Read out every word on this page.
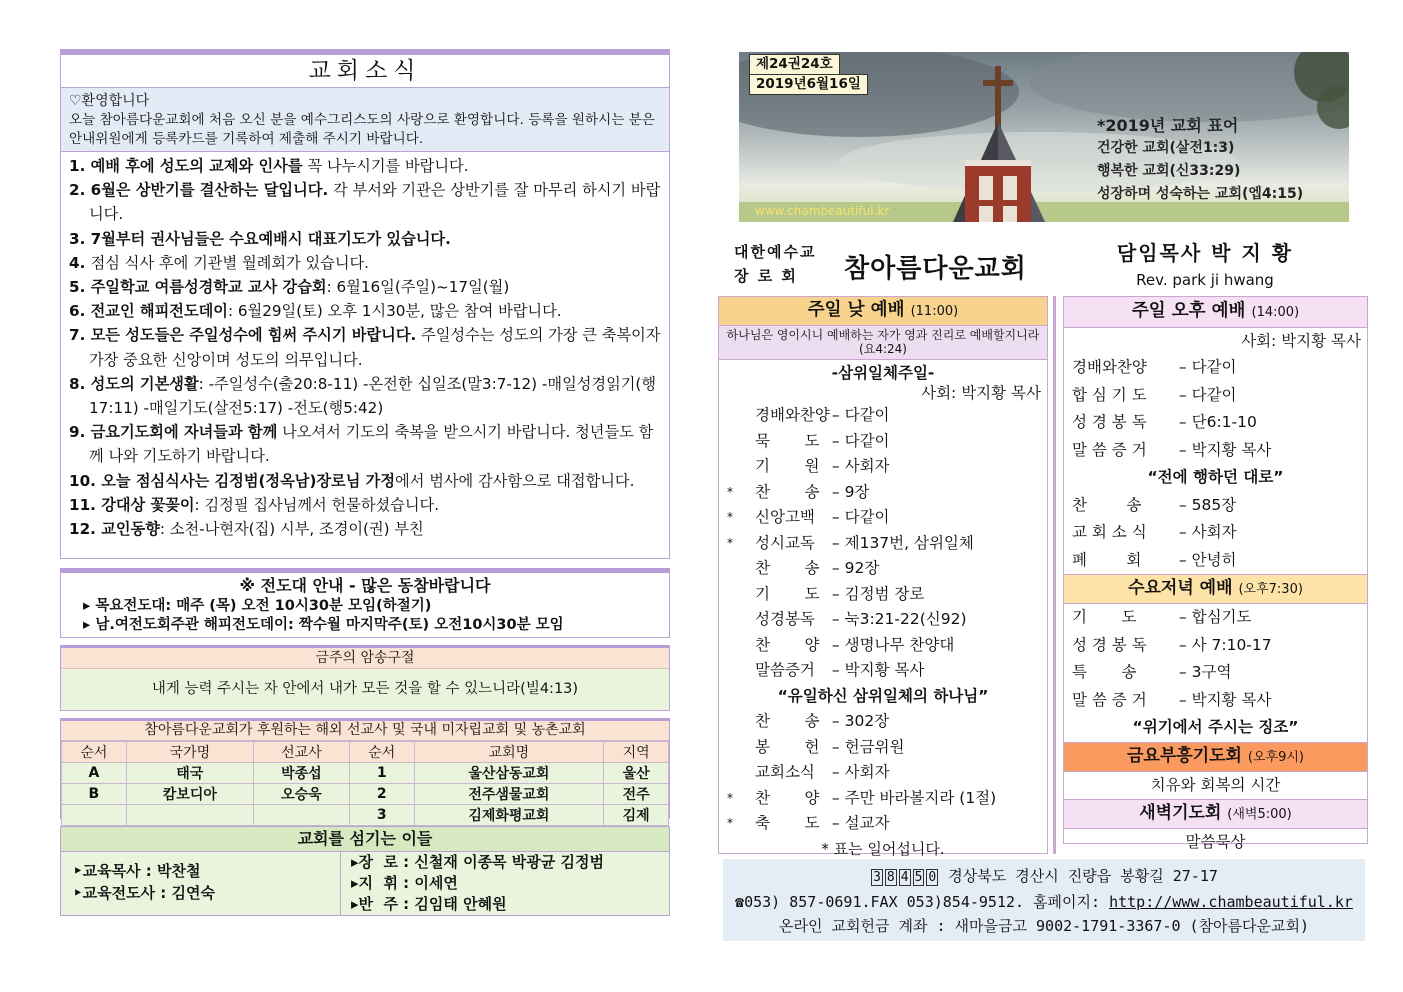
교회소식
♡환영합니다
오늘 참아름다운교회에 처음 오신 분을 예수그리스도의 사랑으로 환영합니다. 등록을 원하시는 분은 안내위원에게 등록카드를 기록하여 제출해 주시기 바랍니다.
1. 예배 후에 성도의 교제와 인사를 꼭 나누시기를 바랍니다.
2. 6월은 상반기를 결산하는 달입니다. 각 부서와 기관은 상반기를 잘 마무리 하시기 바랍니다.
3. 7월부터 권사님들은 수요예배시 대표기도가 있습니다.
4. 점심 식사 후에 기관별 월례회가 있습니다.
5. 주일학교 여름성경학교 교사 강습회: 6월16일(주일)~17일(월)
6. 전교인 해피전도데이: 6월29일(토) 오후 1시30분, 많은 참여 바랍니다.
7. 모든 성도들은 주일성수에 힘써 주시기 바랍니다. 주일성수는 성도의 가장 큰 축복이자 가장 중요한 신앙이며 성도의 의무입니다.
8. 성도의 기본생활: -주일성수(출20:8-11) -온전한 십일조(말3:7-12) -매일성경읽기(행17:11) -매일기도(살전5:17) -전도(행5:42)
9. 금요기도회에 자녀들과 함께 나오셔서 기도의 축복을 받으시기 바랍니다. 청년들도 함께 나와 기도하기 바랍니다.
10. 오늘 점심식사는 김정범(정옥남)장로님 가정에서 범사에 감사함으로 대접합니다.
11. 강대상 꽃꽂이: 김정필 집사님께서 헌물하셨습니다.
12. 교인동향: 소천-나현자(집) 시부, 조경이(권) 부친
※ 전도대 안내 - 많은 동참바랍니다
▸ 목요전도대: 매주 (목) 오전 10시30분 모임(하절기)
▸ 남.여전도회주관 해피전도데이: 짝수월 마지막주(토) 오전10시30분 모임
금주의 암송구절
내게 능력 주시는 자 안에서 내가 모든 것을 할 수 있느니라(빌4:13)
참아름다운교회가 후원하는 해외 선교사 및 국내 미자립교회 및 농촌교회
순서	국가명	선교사	순서	교회명	지역
A	태국	박종섭	1	울산삼동교회	울산
B	캄보디아	오승욱	2	전주샘물교회	전주
			3	김제화평교회	김제
교회를 섬기는 이들
‣교육목사 : 박찬철
‣교육전도사 : 김연숙
▸장  로 : 신철재 이종목 박광균 김정범
▸지  휘 : 이세연
▸반  주 : 김임태 안혜원
제24권24호
2019년6월16일
*2019년 교회 표어
건강한 교회(살전1:3)
행복한 교회(신33:29)
성장하며 성숙하는 교회(엡4:15)
www.chambeautiful.kr
대한예수교
장 로 회	참아름다운교회
담임목사 박 지 황
Rev. park ji hwang
주일 낮 예배 (11:00)
하나님은 영이시니 예배하는 자가 영과 진리로 예배할지니라(요4:24)
-삼위일체주일-
사회: 박지황 목사
경배와찬양 – 다같이
묵       도 – 다같이
기       원 – 사회자
* 찬       송 – 9장
* 신앙고백 – 다같이
* 성시교독 – 제137번, 삼위일체
찬       송 – 92장
기       도 – 김정범 장로
성경봉독 – 눅3:21-22(신92)
찬       양 – 생명나무 찬양대
말씀증거 – 박지황 목사
“유일하신 삼위일체의 하나님”
찬       송 – 302장
봉       헌 – 헌금위원
교회소식 – 사회자
* 찬       양 – 주만 바라볼지라 (1절)
* 축       도 – 설교자
* 표는 일어섭니다.
주일 오후 예배 (14:00)
사회: 박지황 목사
경배와찬양 – 다같이
합 심 기 도 – 다같이
성 경 봉 독 – 단6:1-10
말 씀 증 거 – 박지황 목사
“전에 행하던 대로”
찬        송 – 585장
교 회 소 식 – 사회자
폐        회 – 안녕히
수요저녁 예배 (오후7:30)
기       도 – 합심기도
성 경 봉 독 – 사 7:10-17
특       송 – 3구역
말 씀 증 거 – 박지황 목사
“위기에서 주시는 징조”
금요부흥기도회 (오후9시)
치유와 회복의 시간
새벽기도회 (새벽5:00)
말씀묵상
3 8 4 5 0 경상북도 경산시 진량읍 봉황길 27-17
☎053) 857-0691.FAX 053)854-9512. 홈페이지: http://www.chambeautiful.kr
온라인 교회헌금 계좌 : 새마을금고 9002-1791-3367-0 (참아름다운교회)
